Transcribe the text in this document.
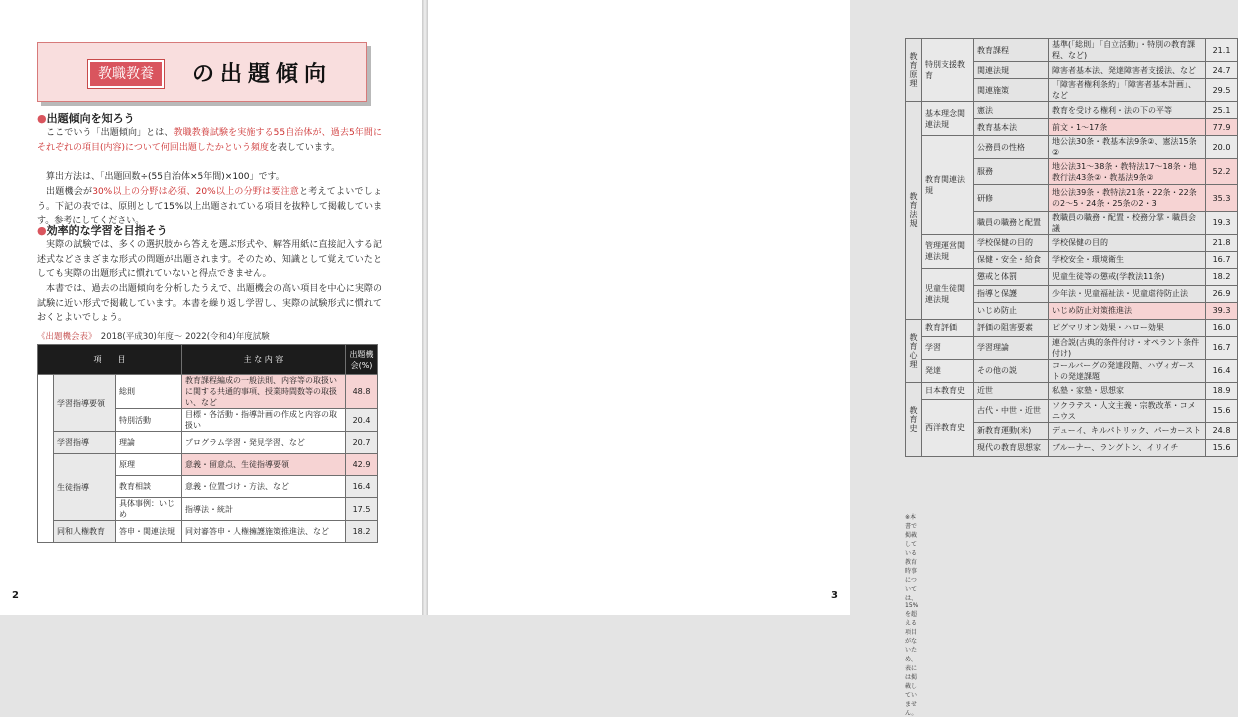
教職教養	の出題傾向
●出題傾向を知ろう

ここでいう「出題傾向」とは、教職教養試験を実施する55自治体が、過去5年間にそれぞれの項目(内容)について何回出題したかという頻度を表しています。

算出方法は、「出題回数÷(55自治体×5年間)×100」です。

出題機会が30%以上の分野は必須、20%以上の分野は要注意と考えてよいでしょう。下記の表では、原則として15%以上出題されている項目を抜粋して掲載しています。参考にしてください。

●効率的な学習を目指そう

実際の試験では、多くの選択肢から答えを選ぶ形式や、解答用紙に直接記入する記述式などさまざまな形式の問題が出題されます。そのため、知識として覚えていたとしても実際の出題形式に慣れていないと得点できません。

本書では、過去の出題傾向を分析したうえで、出題機会の高い項目を中心に実際の試験に近い形式で掲載しています。本書を繰り返し学習し、実際の試験形式に慣れておくとよいでしょう。

《出題機会表》　 2018(平成30)年度〜 2022(令和4)年度試験
項　　目			主 な 内 容	出題機会(%)
	学習指導要領	総則	教育課程編成の一般法則、内容等の取扱いに関する共通的事項、授業時間数等の取扱い、など	48.8
		特別活動	目標・各活動・指導計画の作成と内容の取扱い	20.4
	学習指導	理論	プログラム学習・発見学習、など	20.7
	生徒指導	原理	意義・留意点、生徒指導要領	42.9
		教育相談	意義・位置づけ・方法、など	16.4
		具体事例：いじめ	指導法・統計	17.5
	同和人権教育	答申・関連法規	同対審答申・人権擁護施策推進法、など	18.2
2
教育原理	特別支援教育	教育課程	基準(「総則」「自立活動」・特別の教育課程、など)	21.1
		関連法規	障害者基本法、発達障害者支援法、など	24.7
		関連施策	「障害者権利条約」「障害者基本計画」、など	29.5
教育法規	基本理念関連法規	憲法	教育を受ける権利・法の下の平等	25.1
		教育基本法	前文・1〜17条	77.9
	教育関連法規	公務員の性格	地公法30条・教基本法9条②、憲法15条②	20.0
		服務	地公法31〜38条・教特法17〜18条・地教行法43条②・教基法9条②	52.2
		研修	地公法39条・教特法21条・22条・22条の2〜5・24条・25条の2・3	35.3
		職員の職務と配置	教職員の職務・配置・校務分掌・職員会議	19.3
	管理運営関連法規	学校保健の目的	学校保健の目的	21.8
		保健・安全・給食	学校安全・環境衛生	16.7
	児童生徒関連法規	懲戒と体罰	児童生徒等の懲戒(学教法11条)	18.2
		指導と保護	少年法・児童福祉法・児童虐待防止法	26.9
		いじめ防止	いじめ防止対策推進法	39.3
教育心理	教育評価	評価の阻害要素	ピグマリオン効果・ハロー効果	16.0
	学習	学習理論	連合説(古典的条件付け・オペラント条件付け)	16.7
	発達	その他の説	コールバーグの発達段階、ハヴィガーストの発達課題	16.4
教育史	日本教育史	近世	私塾・家塾・思想家	18.9
	西洋教育史	古代・中世・近世	ソクラテス・人文主義・宗教改革・コメニウス	15.6
		新教育運動(米)	デューイ、キルパトリック、パーカースト	24.8
		現代の教育思想家	ブルーナー、ラングトン、イリイチ	15.6
※本書で掲載している教育時事については、15%を超える項目がないため、表には掲載していません。
3
